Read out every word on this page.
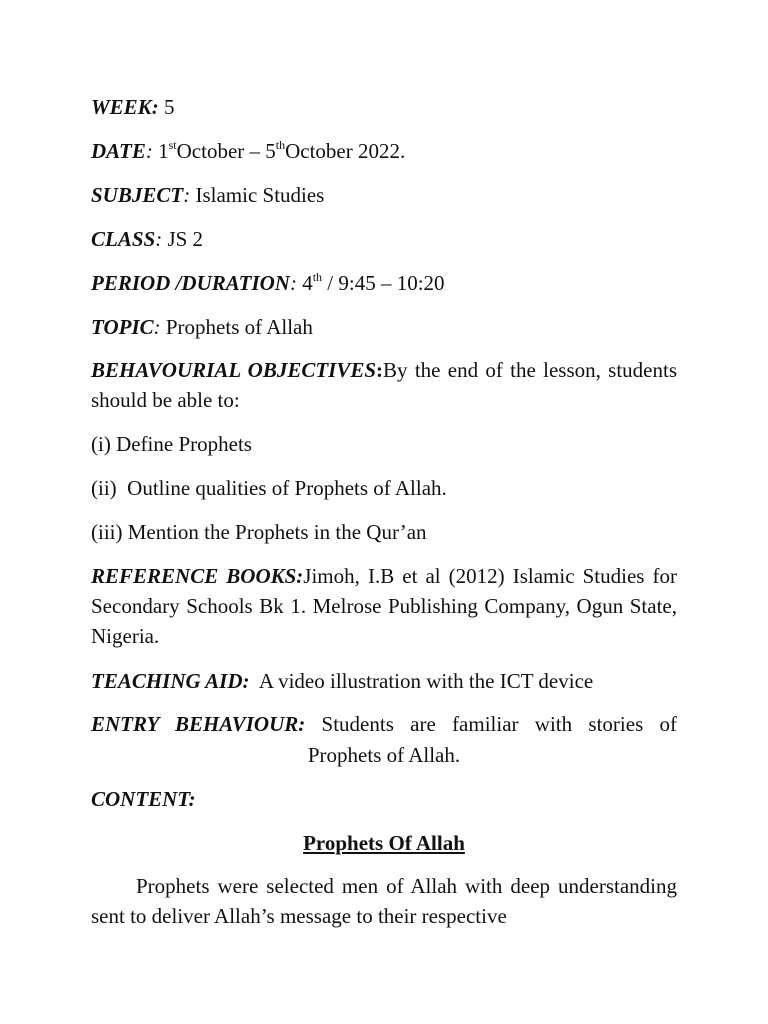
WEEK: 5
DATE: 1stOctober – 5thOctober 2022.
SUBJECT: Islamic Studies
CLASS: JS 2
PERIOD /DURATION: 4th / 9:45 – 10:20
TOPIC: Prophets of Allah
BEHAVOURIAL OBJECTIVES:By the end of the lesson, students should be able to:
(i) Define Prophets
(ii)  Outline qualities of Prophets of Allah.
(iii) Mention the Prophets in the Qur’an
REFERENCE BOOKS:Jimoh, I.B et al (2012) Islamic Studies for Secondary Schools Bk 1. Melrose Publishing Company, Ogun State, Nigeria.
TEACHING AID: A video illustration with the ICT device
ENTRY BEHAVIOUR: Students are familiar with stories of
Prophets of Allah.
CONTENT:
Prophets Of Allah
Prophets were selected men of Allah with deep understanding sent to deliver Allah’s message to their respective
